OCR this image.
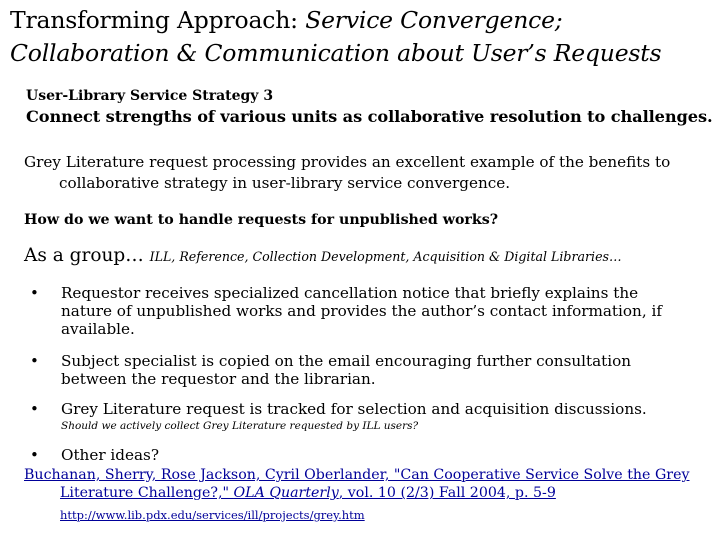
Transforming Approach: Service Convergence;
Collaboration & Communication about User’s Requests
User-Library Service Strategy 3
Connect strengths of various units as collaborative resolution to challenges.
Grey Literature request processing provides an excellent example of the benefits to
collaborative strategy in user-library service convergence.
How do we want to handle requests for unpublished works?
As a group… ILL, Reference, Collection Development, Acquisition & Digital Libraries…
• Requestor receives specialized cancellation notice that briefly explains the
nature of unpublished works and provides the author’s contact information, if
available.
• Subject specialist is copied on the email encouraging further consultation
between the requestor and the librarian.
• Grey Literature request is tracked for selection and acquisition discussions.
Should we actively collect Grey Literature requested by ILL users?
• Other ideas?
Buchanan, Sherry, Rose Jackson, Cyril Oberlander, "Can Cooperative Service Solve the Grey
Literature Challenge?," OLA Quarterly, vol. 10 (2/3) Fall 2004, p. 5-9
http://www.lib.pdx.edu/services/ill/projects/grey.htm
